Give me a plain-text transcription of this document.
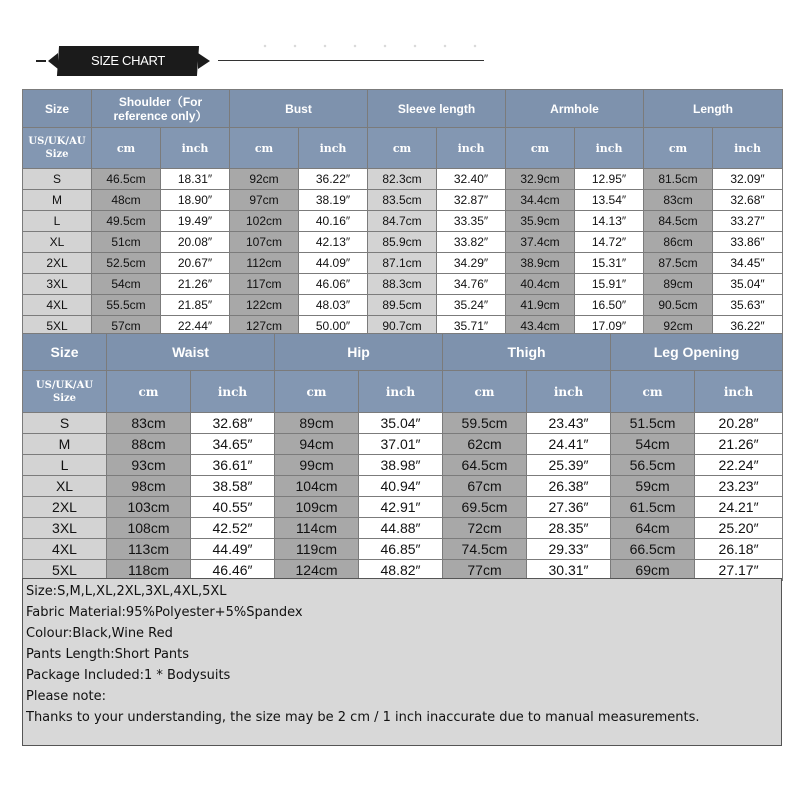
SIZE CHART
Size	Shoulder（For reference only）		Bust		Sleeve length		Armhole		Length	
US/UK/AU
Size	cm	inch	cm	inch	cm	inch	cm	inch	cm	inch
S	46.5cm	18.31″	92cm	36.22″	82.3cm	32.40″	32.9cm	12.95″	81.5cm	32.09″
M	48cm	18.90″	97cm	38.19″	83.5cm	32.87″	34.4cm	13.54″	83cm	32.68″
L	49.5cm	19.49″	102cm	40.16″	84.7cm	33.35″	35.9cm	14.13″	84.5cm	33.27″
XL	51cm	20.08″	107cm	42.13″	85.9cm	33.82″	37.4cm	14.72″	86cm	33.86″
2XL	52.5cm	20.67″	112cm	44.09″	87.1cm	34.29″	38.9cm	15.31″	87.5cm	34.45″
3XL	54cm	21.26″	117cm	46.06″	88.3cm	34.76″	40.4cm	15.91″	89cm	35.04″
4XL	55.5cm	21.85″	122cm	48.03″	89.5cm	35.24″	41.9cm	16.50″	90.5cm	35.63″
5XL	57cm	22.44″	127cm	50.00″	90.7cm	35.71″	43.4cm	17.09″	92cm	36.22″
Size	Waist		Hip		Thigh		Leg Opening	
US/UK/AU
Size	cm	inch	cm	inch	cm	inch	cm	inch
S	83cm	32.68″	89cm	35.04″	59.5cm	23.43″	51.5cm	20.28″
M	88cm	34.65″	94cm	37.01″	62cm	24.41″	54cm	21.26″
L	93cm	36.61″	99cm	38.98″	64.5cm	25.39″	56.5cm	22.24″
XL	98cm	38.58″	104cm	40.94″	67cm	26.38″	59cm	23.23″
2XL	103cm	40.55″	109cm	42.91″	69.5cm	27.36″	61.5cm	24.21″
3XL	108cm	42.52″	114cm	44.88″	72cm	28.35″	64cm	25.20″
4XL	113cm	44.49″	119cm	46.85″	74.5cm	29.33″	66.5cm	26.18″
5XL	118cm	46.46″	124cm	48.82″	77cm	30.31″	69cm	27.17″
Size:S,M,L,XL,2XL,3XL,4XL,5XL
Fabric Material:95%Polyester+5%Spandex
Colour:Black,Wine Red
Pants Length:Short Pants
Package Included:1 * Bodysuits
Please note:
Thanks to your understanding, the size may be 2 cm / 1 inch inaccurate due to manual measurements.
